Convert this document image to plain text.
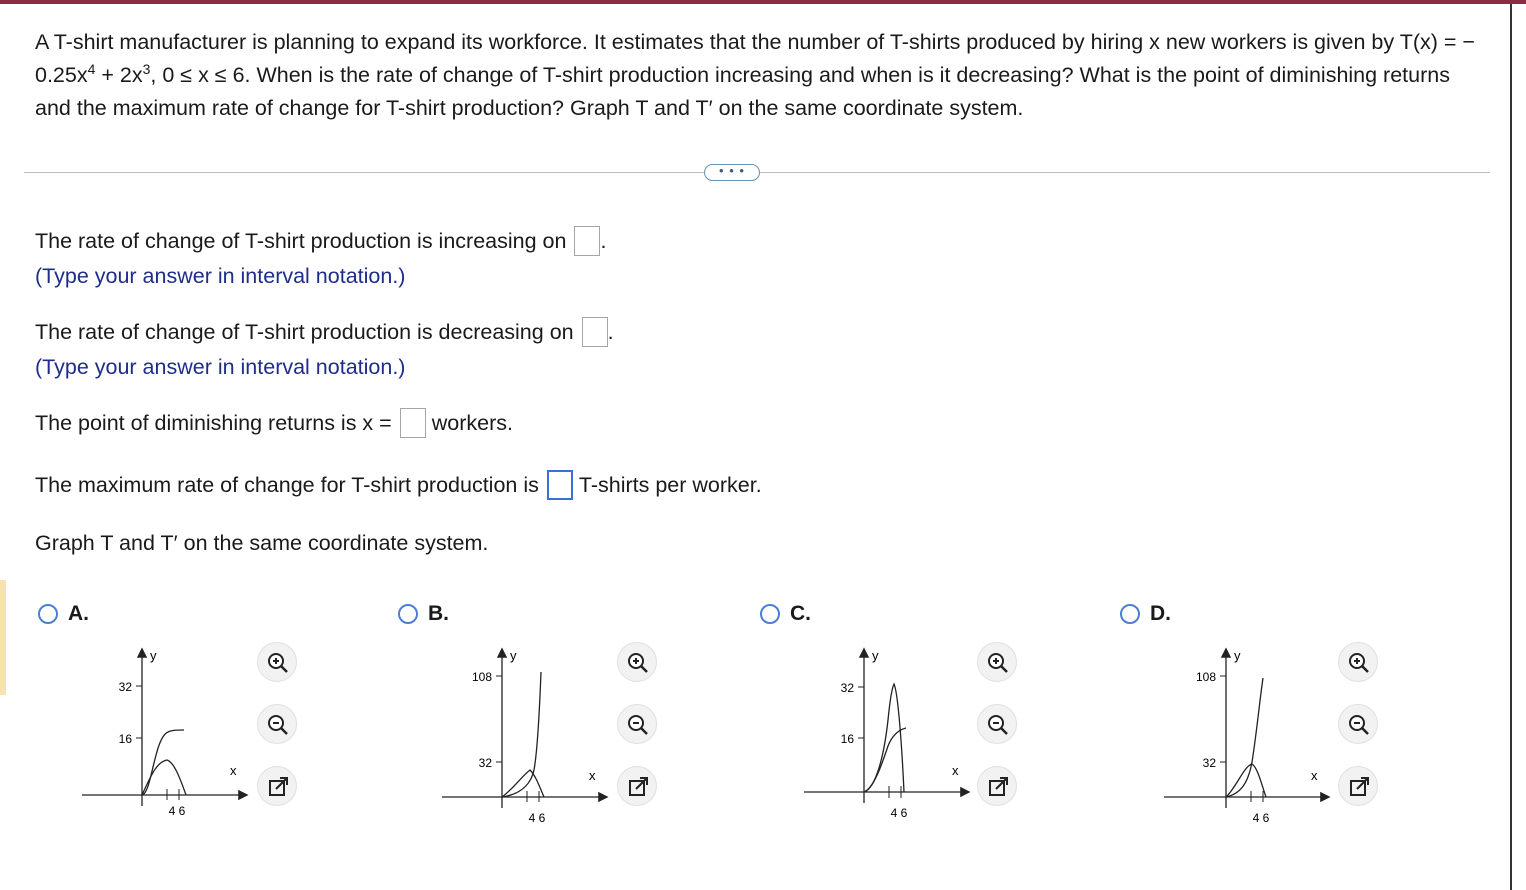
A T-shirt manufacturer is planning to expand its workforce. It estimates that the number of T-shirts produced by hiring x new workers is given by T(x) = − $0.25x^4 + 2x^3$, 0 ≤ x ≤ 6. When is the rate of change of T-shirt production increasing and when is it decreasing? What is the point of diminishing returns and the maximum rate of change for T-shirt production? Graph T and T′ on the same coordinate system.
• • •
The rate of change of T-shirt production is increasing on .
(Type your answer in interval notation.)
The rate of change of T-shirt production is decreasing on .
(Type your answer in interval notation.)
The point of diminishing returns is x = workers.
The maximum rate of change for T-shirt production is T-shirts per worker.
Graph T and T′ on the same coordinate system.
A.
32
16
4 6
x
y
B.
108
32
4 6
x
y
C.
32
16
4 6
x
y
D.
108
32
4 6
x
y
